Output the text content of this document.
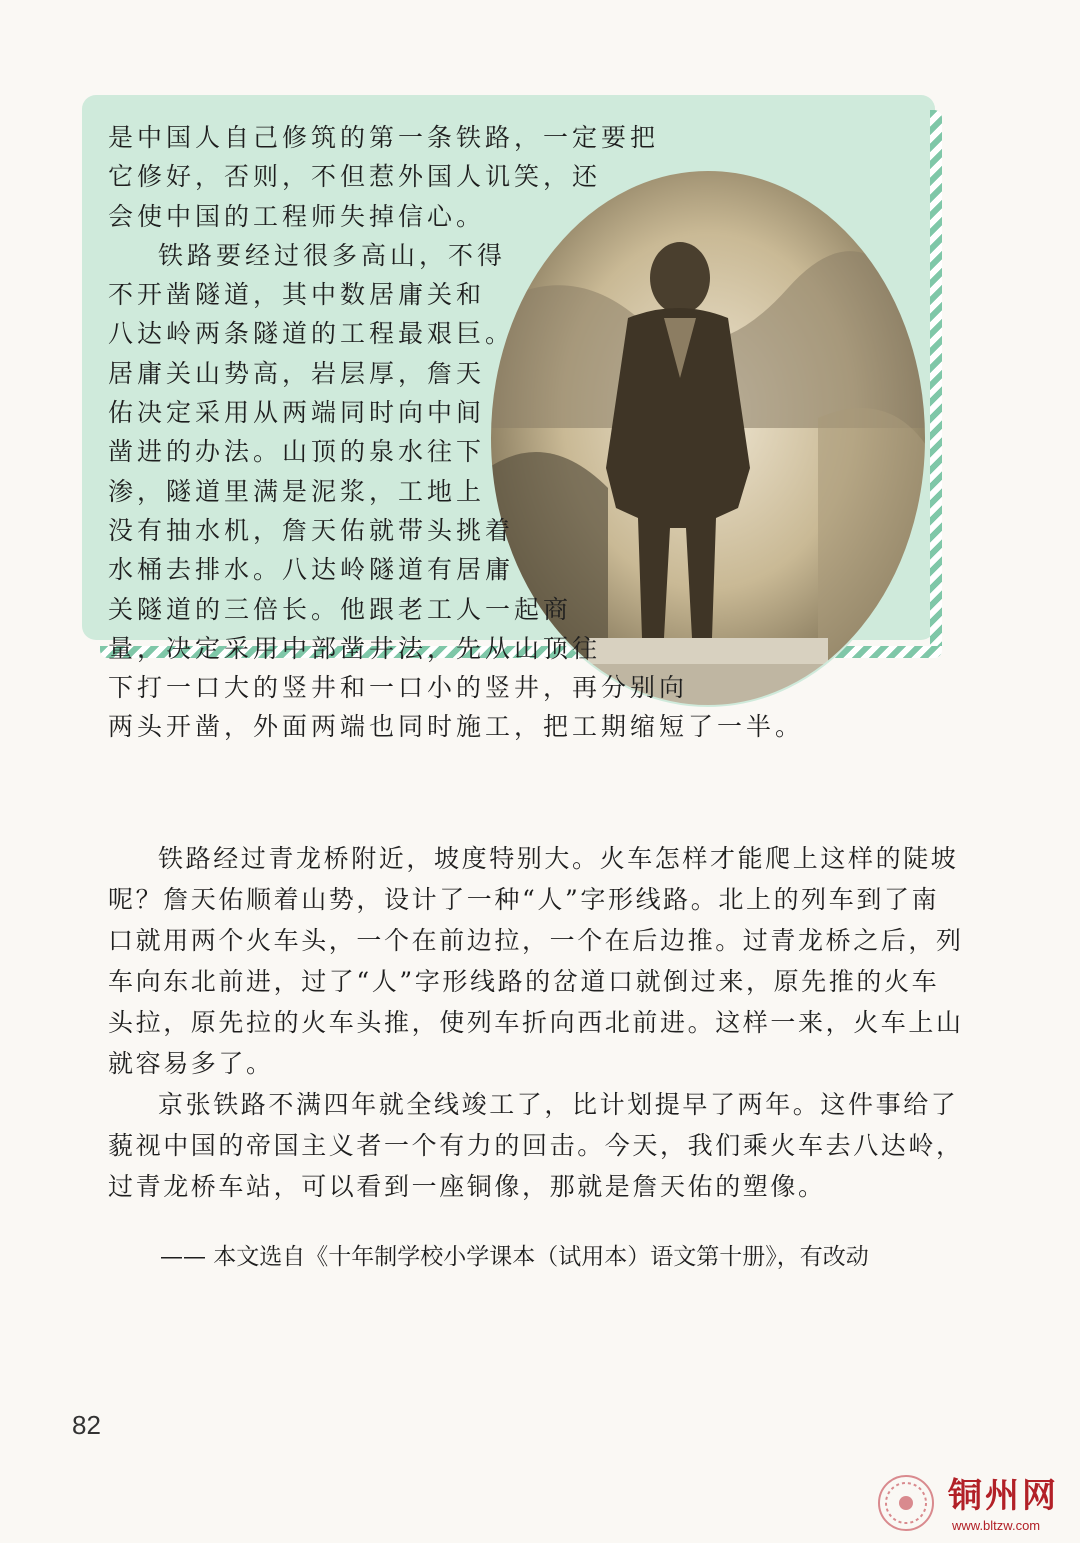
是中国人自己修筑的第一条铁路，一定要把
它修好，否则，不但惹外国人讥笑，还
会使中国的工程师失掉信心。
铁路要经过很多高山，不得
不开凿隧道，其中数居庸关和
八达岭两条隧道的工程最艰巨。
居庸关山势高，岩层厚，詹天
佑决定采用从两端同时向中间
凿进的办法。山顶的泉水往下
渗，隧道里满是泥浆，工地上
没有抽水机，詹天佑就带头挑着
水桶去排水。八达岭隧道有居庸
关隧道的三倍长。他跟老工人一起商
量，决定采用中部凿井法，先从山顶往
下打一口大的竖井和一口小的竖井，再分别向
两头开凿，外面两端也同时施工，把工期缩短了一半。
铁路经过青龙桥附近，坡度特别大。火车怎样才能爬上这样的陡坡
呢？詹天佑顺着山势，设计了一种“人”字形线路。北上的列车到了南
口就用两个火车头，一个在前边拉，一个在后边推。过青龙桥之后，列
车向东北前进，过了“人”字形线路的岔道口就倒过来，原先推的火车
头拉，原先拉的火车头推，使列车折向西北前进。这样一来，火车上山
就容易多了。
京张铁路不满四年就全线竣工了，比计划提早了两年。这件事给了
藐视中国的帝国主义者一个有力的回击。今天，我们乘火车去八达岭，
过青龙桥车站，可以看到一座铜像，那就是詹天佑的塑像。
—— 本文选自《十年制学校小学课本（试用本）语文第十册》，有改动
82
铜州网
www.bltzw.com
